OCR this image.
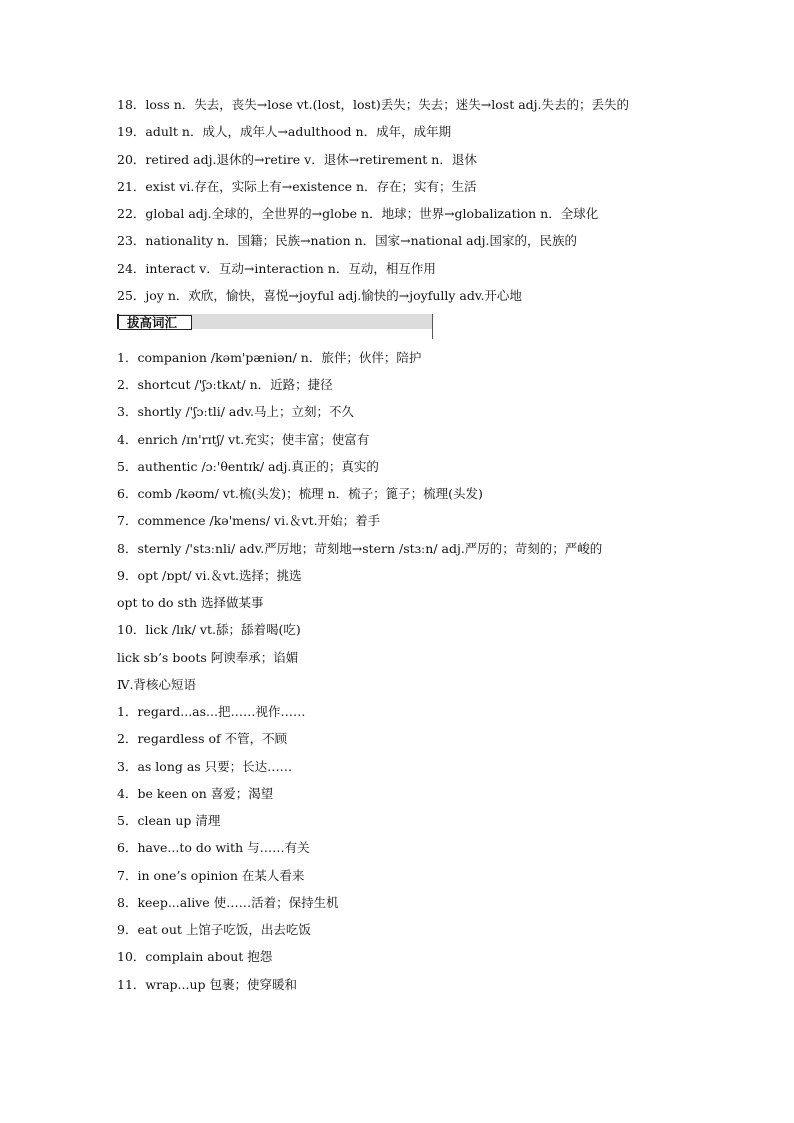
18．loss n．失去，丧失→lose vt.(lost，lost)丢失；失去；迷失→lost adj.失去的；丢失的
19．adult n．成人，成年人→adulthood n．成年，成年期
20．retired adj.退休的→retire v．退休→retirement n．退休
21．exist vi.存在，实际上有→existence n．存在；实有；生活
22．global adj.全球的，全世界的→globe n．地球；世界→globalization n．全球化
23．nationality n．国籍；民族→nation n．国家→national adj.国家的，民族的
24．interact v．互动→interaction n．互动，相互作用
25．joy n．欢欣，愉快，喜悦→joyful adj.愉快的→joyfully adv.开心地
拔高词汇
1．companion /kəm'pæniən/ n．旅伴；伙伴；陪护
2．shortcut /'ʃɔːtkʌt/ n．近路；捷径
3．shortly /'ʃɔːtli/ adv.马上；立刻；不久
4．enrich /ɪn'rɪtʃ/ vt.充实；使丰富；使富有
5．authentic /ɔː'θentɪk/ adj.真正的；真实的
6．comb /kəʊm/ vt.梳(头发)；梳理 n．梳子；篦子；梳理(头发)
7．commence /kə'mens/ vi.＆vt.开始；着手
8．sternly /'stɜːnli/ adv.严厉地；苛刻地→stern /stɜːn/ adj.严厉的；苛刻的；严峻的
9．opt /ɒpt/ vi.＆vt.选择；挑选
opt to do sth 选择做某事
10．lick /lɪk/ vt.舔；舔着喝(吃)
lick sb’s boots 阿谀奉承；谄媚
Ⅳ.背核心短语
1．regard...as...把……视作……
2．regardless of 不管，不顾
3．as long as 只要；长达……
4．be keen on 喜爱；渴望
5．clean up 清理
6．have...to do with 与……有关
7．in one’s opinion 在某人看来
8．keep...alive 使……活着；保持生机
9．eat out 上馆子吃饭，出去吃饭
10．complain about 抱怨
11．wrap...up 包裹；使穿暖和
